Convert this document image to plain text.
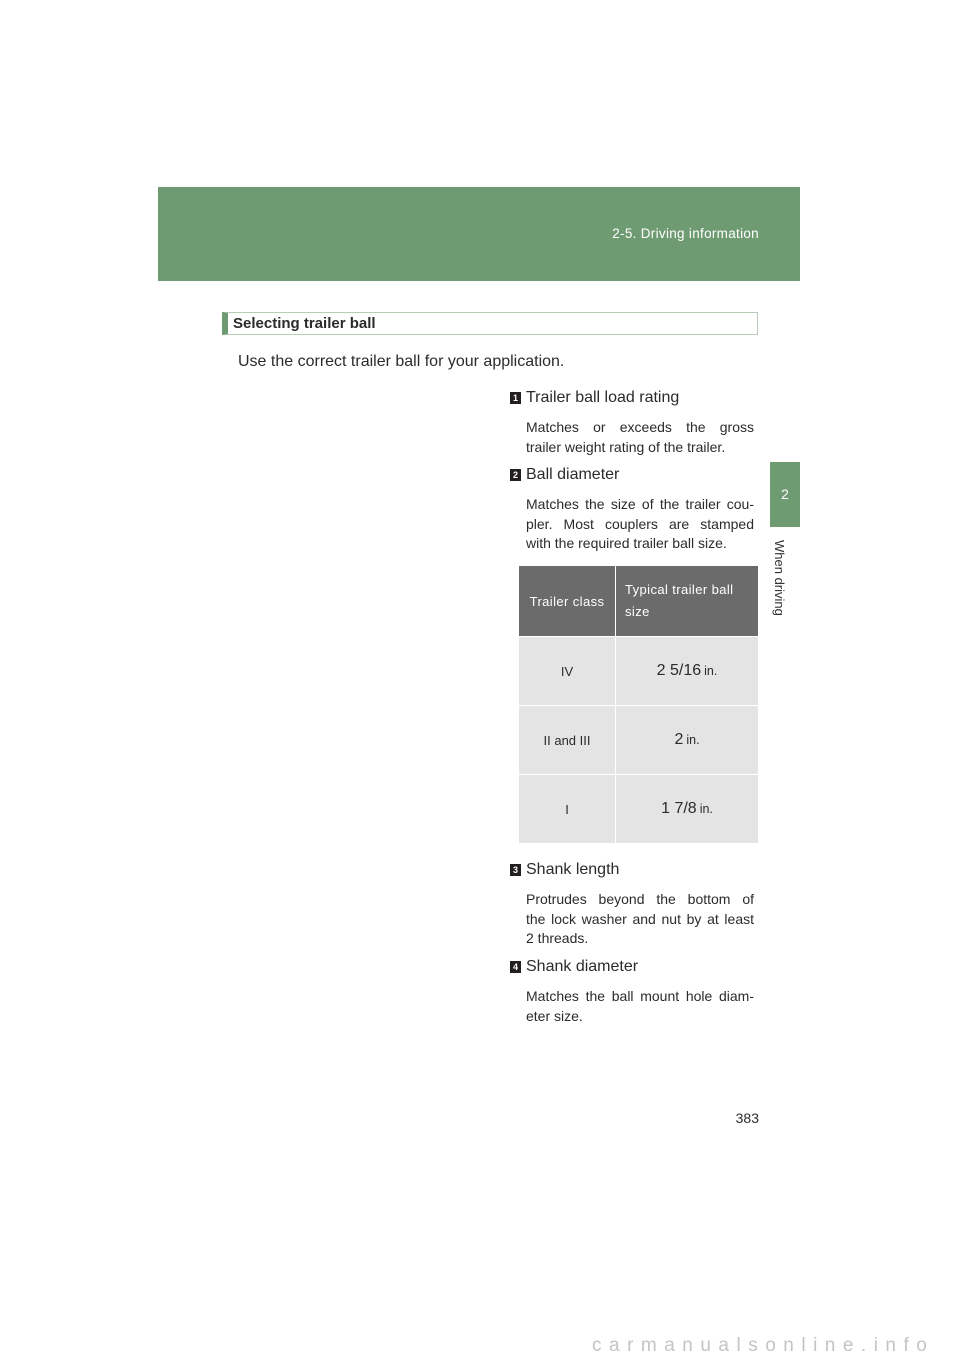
2-5. Driving information
2
When driving
Selecting trailer ball
Use the correct trailer ball for your application.
1 Trailer ball load rating
Matches or exceeds the gross
trailer weight rating of the trailer.
2 Ball diameter
Matches the size of the trailer cou-
pler. Most couplers are stamped
with the required trailer ball size.
Trailer class	Typical trailer ball size
IV	2 5/16 in.
II and III	2 in.
I	1 7/8 in.
3 Shank length
Protrudes beyond the bottom of
the lock washer and nut by at least
2 threads.
4 Shank diameter
Matches the ball mount hole diam-
eter size.
383
carmanualsonline.info
